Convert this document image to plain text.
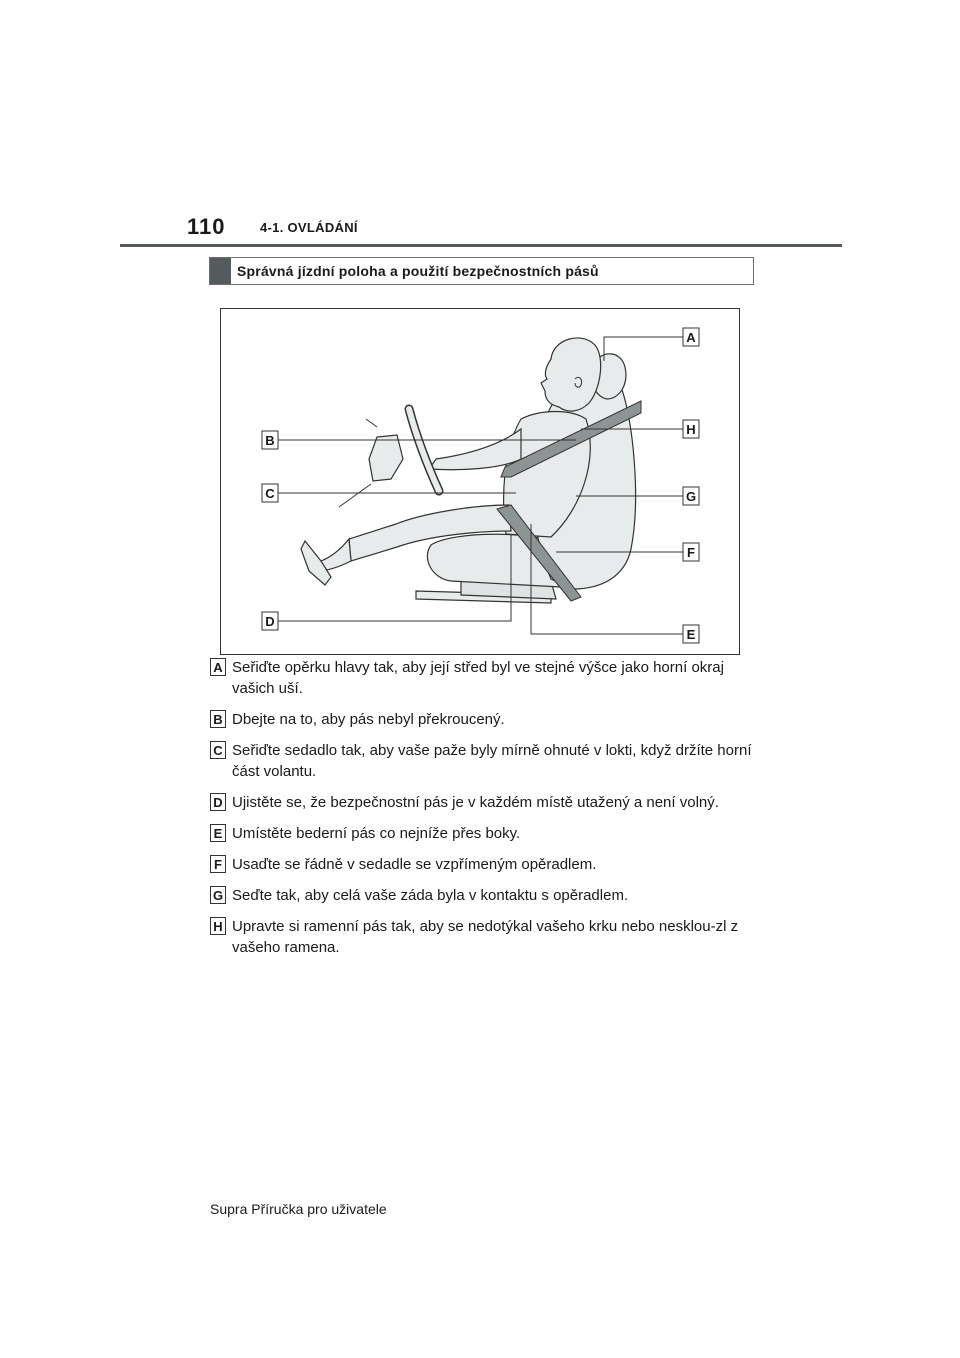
110	4-1. OVLÁDÁNÍ
Správná jízdní poloha a použití bezpečnostních pásů
A
B
C
D
E
F
G
H
A Seřiďte opěrku hlavy tak, aby její střed byl ve stejné výšce jako horní okraj vašich uší.
B Dbejte na to, aby pás nebyl překroucený.
C Seřiďte sedadlo tak, aby vaše paže byly mírně ohnuté v lokti, když držíte horní část volantu.
D Ujistěte se, že bezpečnostní pás je v každém místě utažený a není volný.
E Umístěte bederní pás co nejníže přes boky.
F Usaďte se řádně v sedadle se vzpřímeným opěradlem.
G Seďte tak, aby celá vaše záda byla v kontaktu s opěradlem.
H Upravte si ramenní pás tak, aby se nedotýkal vašeho krku nebo nesklou-zl z vašeho ramena.
Supra Příručka pro uživatele
